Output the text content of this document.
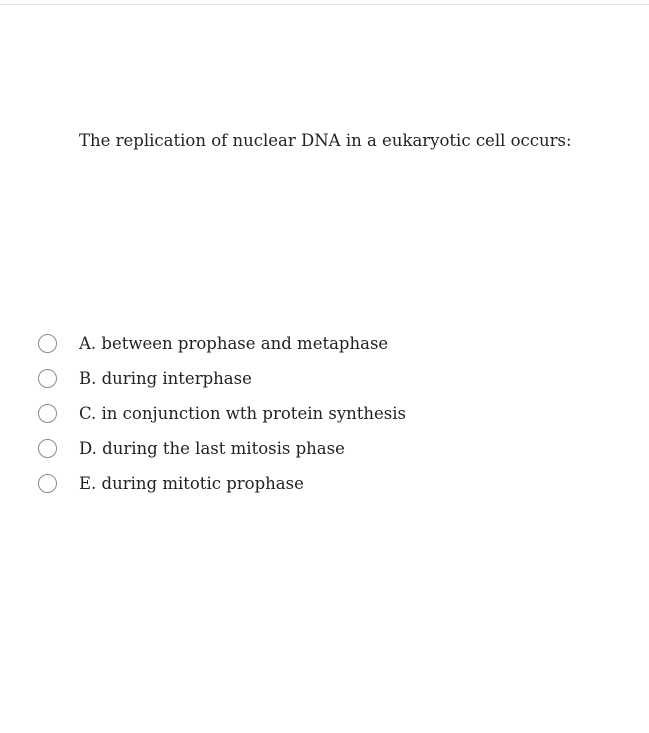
The replication of nuclear DNA in a eukaryotic cell occurs:
A. between prophase and metaphase
B. during interphase
C. in conjunction wth protein synthesis
D. during the last mitosis phase
E. during mitotic prophase
